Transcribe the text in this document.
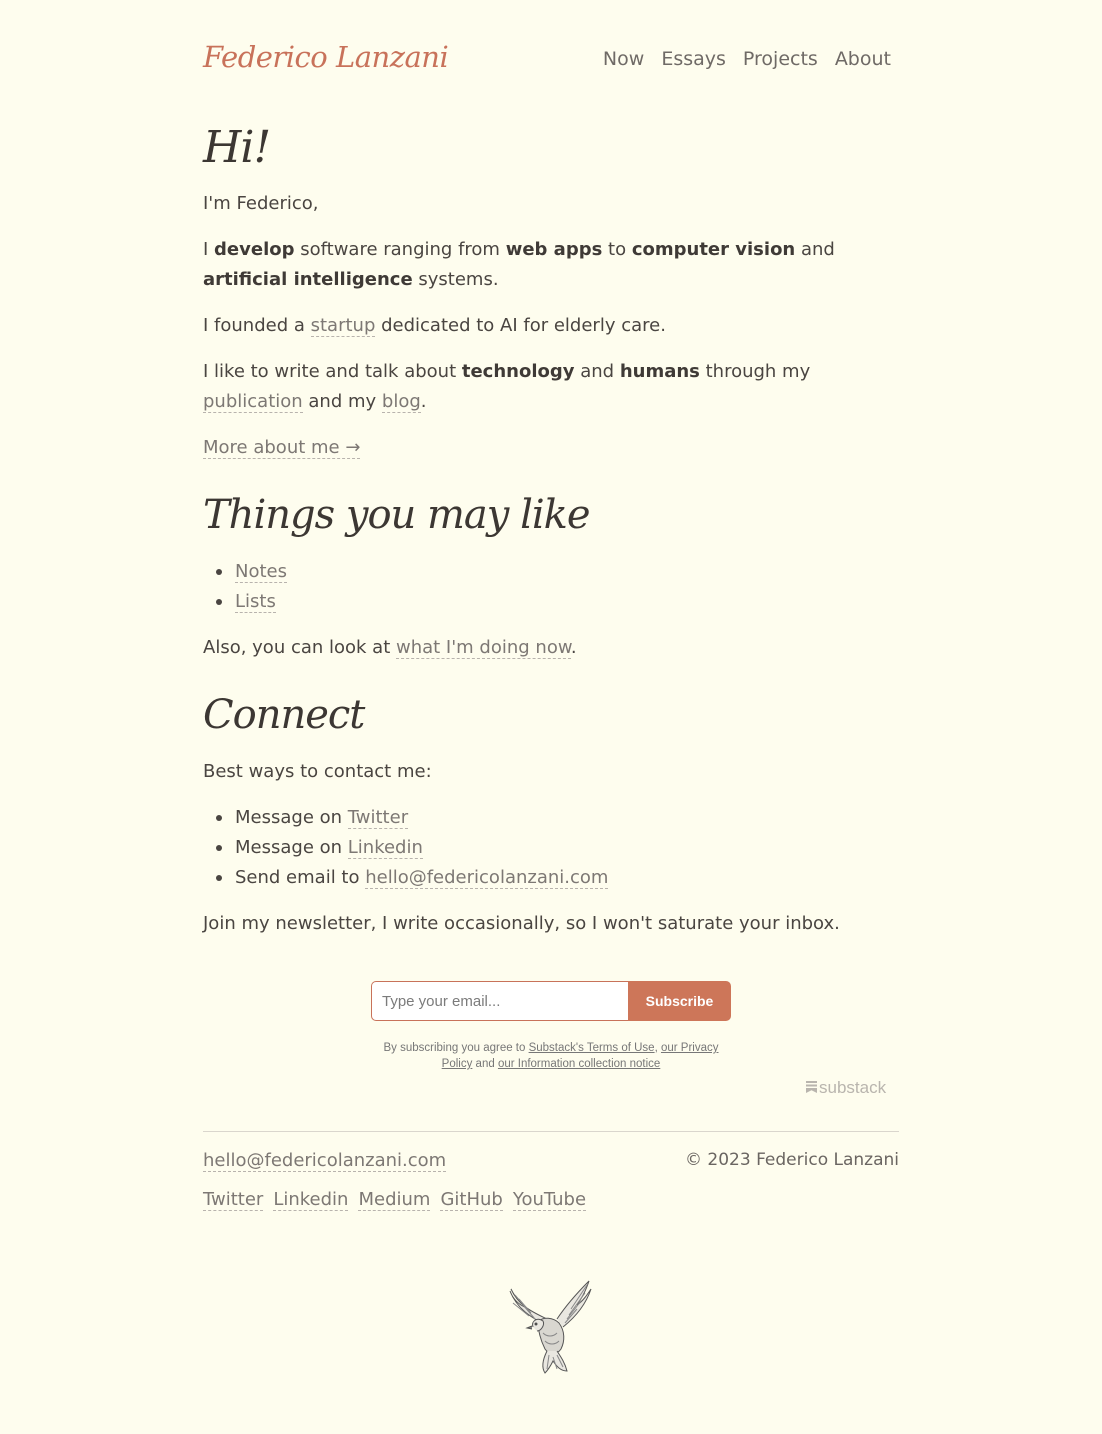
Federico Lanzani	Now Essays Projects About
Hi!

I'm Federico,

I develop software ranging from web apps to computer vision and
artificial intelligence systems.

I founded a startup dedicated to AI for elderly care.

I like to write and talk about technology and humans through my
publication and my blog.

More about me →

Things you may like
Notes
Lists

Also, you can look at what I'm doing now.

Connect

Best ways to contact me:

Message on Twitter
Message on Linkedin
Send email to hello@federicolanzani.com

Join my newsletter, I write occasionally, so I won't saturate your inbox.

Type your email...
Subscribe
By subscribing you agree to Substack's Terms of Use, our Privacy Policy and our Information collection notice
substack
hello@federicolanzani.com	© 2023 Federico Lanzani
Twitter Linkedin Medium GitHub YouTube
